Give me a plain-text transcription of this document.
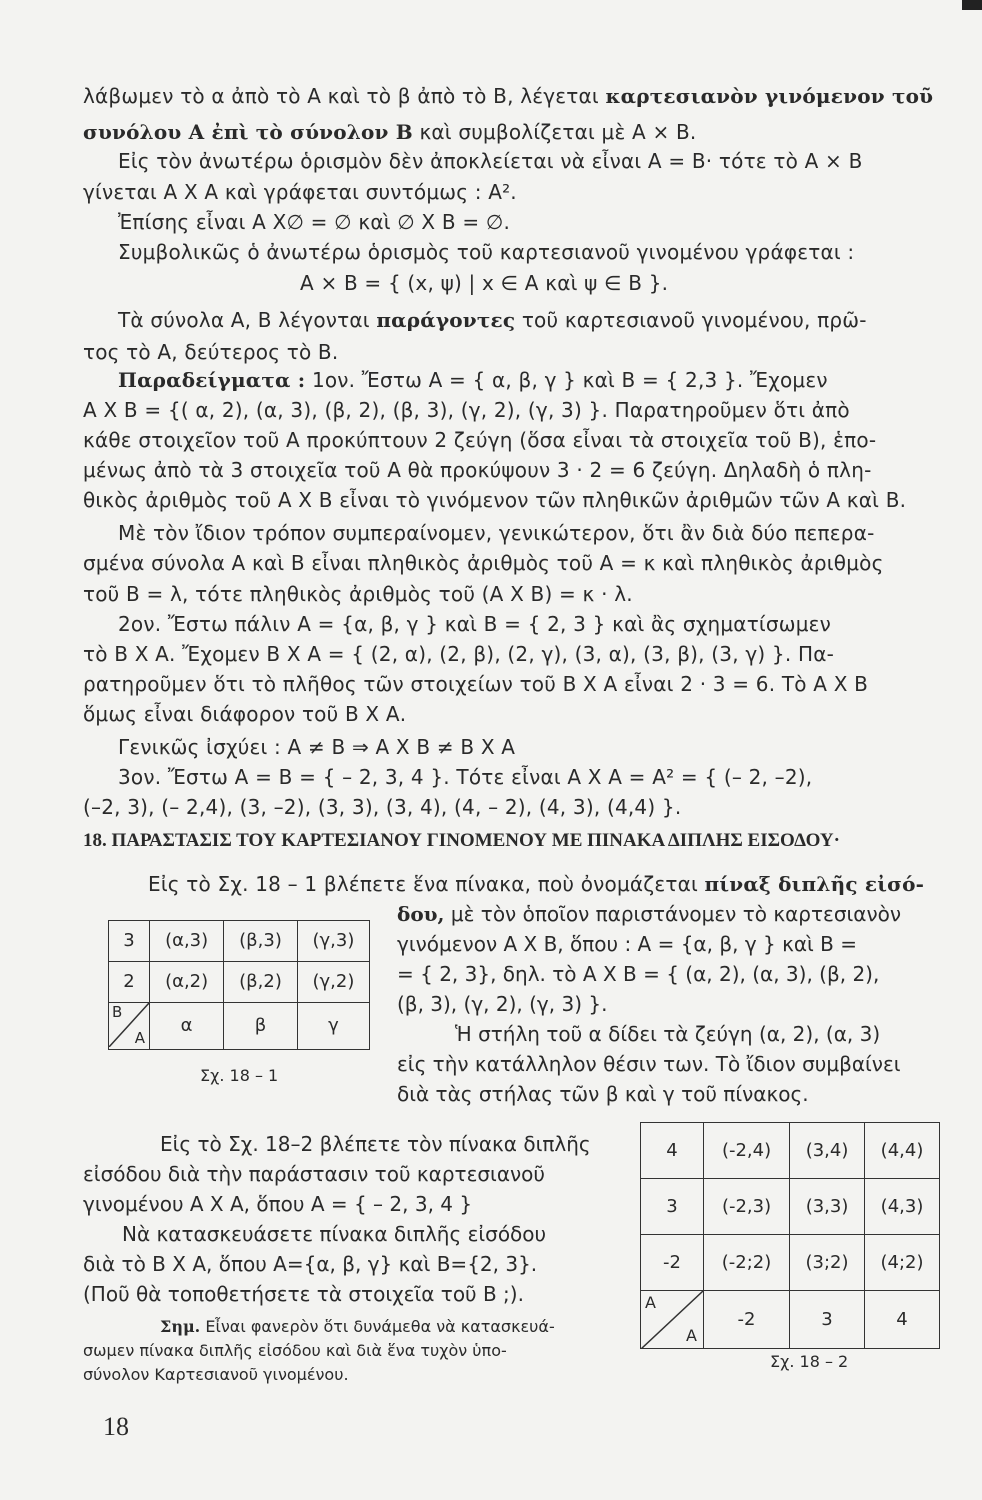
λάβωμεν τὸ α ἀπὸ τὸ Α καὶ τὸ β ἀπὸ τὸ Β, λέγεται καρτεσιανὸν γινόμενον τοῦ
συνόλου Α ἐπὶ τὸ σύνολον Β καὶ συμβολίζεται μὲ Α × Β.
Εἰς τὸν ἀνωτέρω ὁρισμὸν δὲν ἀποκλείεται νὰ εἶναι Α = Β· τότε τὸ Α × Β
γίνεται Α Χ Α καὶ γράφεται συντόμως : Α².
Ἐπίσης εἶναι Α Χ∅ = ∅ καὶ ∅ Χ Β = ∅.
Συμβολικῶς ὁ ἀνωτέρω ὁρισμὸς τοῦ καρτεσιανοῦ γινομένου γράφεται :
Α × Β = { (x, ψ) | x ∈ Α καὶ ψ ∈ Β }.
Τὰ σύνολα Α, Β λέγονται παράγοντες τοῦ καρτεσιανοῦ γινομένου, πρῶ-
τος τὸ Α, δεύτερος τὸ Β.
Παραδείγματα : 1ον. Ἔστω Α = { α, β, γ } καὶ Β = { 2,3 }. Ἔχομεν
Α Χ Β = {( α, 2), (α, 3), (β, 2), (β, 3), (γ, 2), (γ, 3) }. Παρατηροῦμεν ὅτι ἀπὸ
κάθε στοιχεῖον τοῦ Α προκύπτουν 2 ζεύγη (ὅσα εἶναι τὰ στοιχεῖα τοῦ Β), ἑπο-
μένως ἀπὸ τὰ 3 στοιχεῖα τοῦ Α θὰ προκύψουν 3 · 2 = 6 ζεύγη. Δηλαδὴ ὁ πλη-
θικὸς ἀριθμὸς τοῦ Α Χ Β εἶναι τὸ γινόμενον τῶν πληθικῶν ἀριθμῶν τῶν Α καὶ Β.
Μὲ τὸν ἴδιον τρόπον συμπεραίνομεν, γενικώτερον, ὅτι ἂν διὰ δύο πεπερα-
σμένα σύνολα Α καὶ Β εἶναι πληθικὸς ἀριθμὸς τοῦ Α = κ καὶ πληθικὸς ἀριθμὸς
τοῦ Β = λ, τότε πληθικὸς ἀριθμὸς τοῦ (Α Χ Β) = κ · λ.
2ον. Ἔστω πάλιν Α = {α, β, γ } καὶ Β = { 2, 3 } καὶ ἂς σχηματίσωμεν
τὸ Β Χ Α. Ἔχομεν Β Χ Α = { (2, α), (2, β), (2, γ), (3, α), (3, β), (3, γ) }. Πα-
ρατηροῦμεν ὅτι τὸ πλῆθος τῶν στοιχείων τοῦ Β Χ Α εἶναι 2 · 3 = 6. Τὸ Α Χ Β
ὅμως εἶναι διάφορον τοῦ Β Χ Α.
Γενικῶς ἰσχύει : Α ≠ Β ⇒ Α Χ Β ≠ Β Χ Α
3ον. Ἔστω Α = Β = { – 2, 3, 4 }. Τότε εἶναι Α Χ Α = Α² = { (– 2, –2),
(–2, 3), (– 2,4), (3, –2), (3, 3), (3, 4), (4, – 2), (4, 3), (4,4) }.
18. ΠΑΡΑΣΤΑΣΙΣ ΤΟΥ ΚΑΡΤΕΣΙΑΝΟΥ ΓΙΝΟΜΕΝΟΥ ΜΕ ΠΙΝΑΚΑ ΔΙΠΛΗΣ ΕΙΣΟΔΟΥ·
Εἰς τὸ Σχ. 18 – 1 βλέπετε ἕνα πίνακα, ποὺ ὀνομάζεται πίναξ διπλῆς εἰσό-
δου, μὲ τὸν ὁποῖον παριστάνομεν τὸ καρτεσιανὸν
γινόμενον Α Χ Β, ὅπου : Α = {α, β, γ } καὶ Β =
= { 2, 3}, δηλ. τὸ Α Χ Β = { (α, 2), (α, 3), (β, 2),
(β, 3), (γ, 2), (γ, 3) }.
Ἡ στήλη τοῦ α δίδει τὰ ζεύγη (α, 2), (α, 3)
εἰς τὴν κατάλληλον θέσιν των. Τὸ ἴδιον συμβαίνει
διὰ τὰς στήλας τῶν β καὶ γ τοῦ πίνακος.
3	(α,3)	(β,3)	(γ,3)
2	(α,2)	(β,2)	(γ,2)

B
A	α	β	γ
Σχ. 18 – 1
Εἰς τὸ Σχ. 18–2 βλέπετε τὸν πίνακα διπλῆς
εἰσόδου διὰ τὴν παράστασιν τοῦ καρτεσιανοῦ
γινομένου Α Χ Α, ὅπου Α = { – 2, 3, 4 }
Νὰ κατασκευάσετε πίνακα διπλῆς εἰσόδου
διὰ τὸ Β Χ Α, ὅπου Α={α, β, γ} καὶ Β={2, 3}.
(Ποῦ θὰ τοποθετήσετε τὰ στοιχεῖα τοῦ Β ;).
Σημ. Εἶναι φανερὸν ὅτι δυνάμεθα νὰ κατασκευά-
σωμεν πίνακα διπλῆς εἰσόδου καὶ διὰ ἕνα τυχὸν ὑπο-
σύνολον Καρτεσιανοῦ γινομένου.
4	(-2,4)	(3,4)	(4,4)
3	(-2,3)	(3,3)	(4,3)
-2	(-2;2)	(3;2)	(4;2)

A
A	-2	3	4
Σχ. 18 – 2
18
